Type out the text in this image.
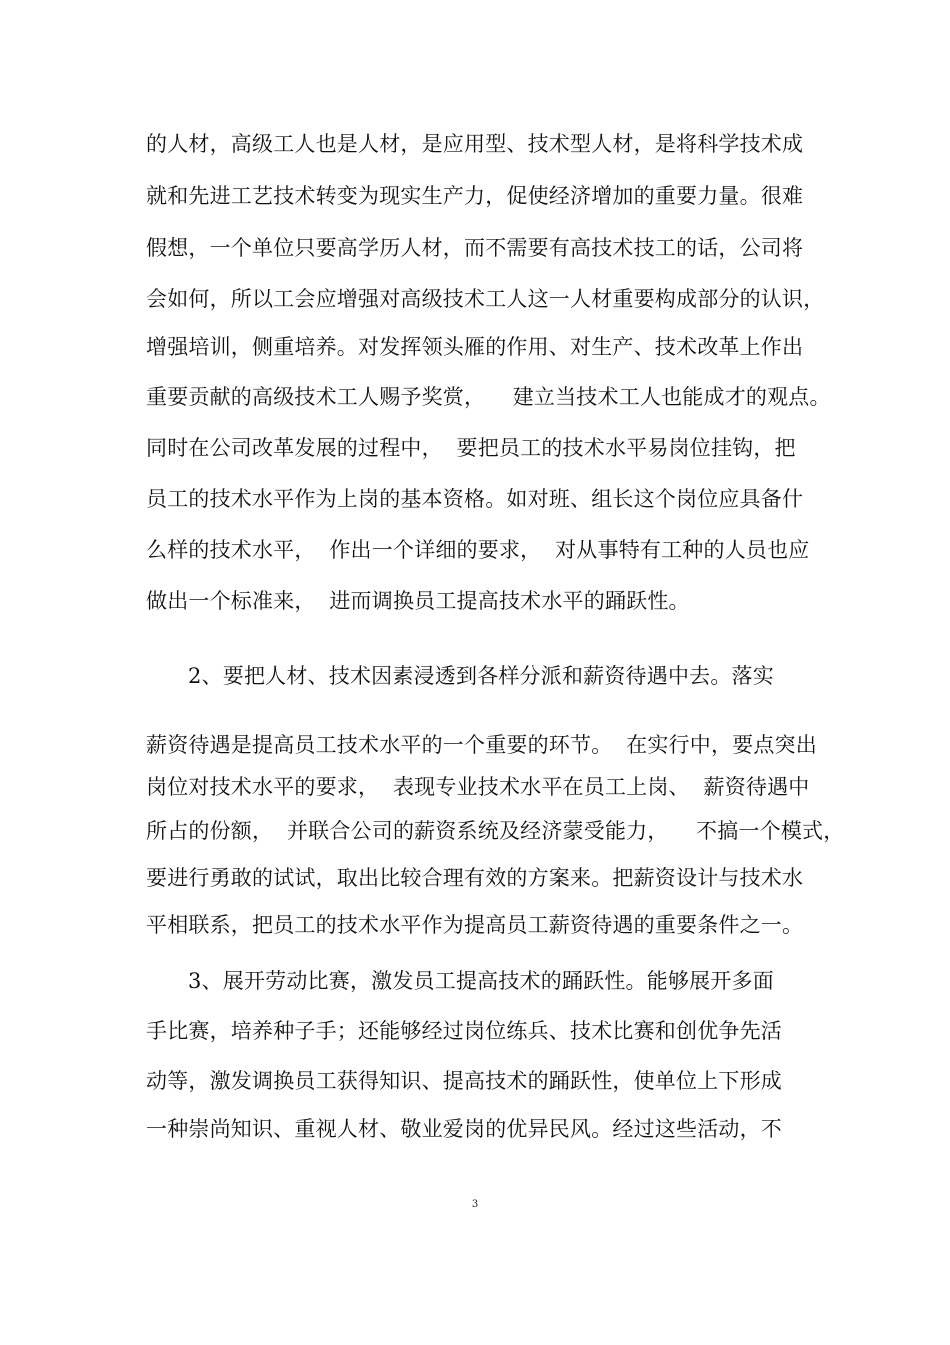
的人材，高级工人也是人材，是应用型、技术型人材，是将科学技术成
就和先进工艺技术转变为现实生产力，促使经济增加的重要力量。很难
假想，一个单位只要高学历人材，而不需要有高技术技工的话，公司将
会如何，所以工会应增强对高级技术工人这一人材重要构成部分的认识，
增强培训，侧重培养。对发挥领头雁的作用、对生产、技术改革上作出
重要贡献的高级技术工人赐予奖赏，    建立当技术工人也能成才的观点。
同时在公司改革发展的过程中，  要把员工的技术水平易岗位挂钩，把
员工的技术水平作为上岗的基本资格。如对班、组长这个岗位应具备什
么样的技术水平，  作出一个详细的要求，  对从事特有工种的人员也应
做出一个标准来，  进而调换员工提高技术水平的踊跃性。
2、要把人材、技术因素浸透到各样分派和薪资待遇中去。落实
薪资待遇是提高员工技术水平的一个重要的环节。  在实行中，要点突出
岗位对技术水平的要求，  表现专业技术水平在员工上岗、  薪资待遇中
所占的份额，  并联合公司的薪资系统及经济蒙受能力，    不搞一个模式，
要进行勇敢的试试，取出比较合理有效的方案来。把薪资设计与技术水
平相联系，把员工的技术水平作为提高员工薪资待遇的重要条件之一。
3、展开劳动比赛，激发员工提高技术的踊跃性。能够展开多面
手比赛，培养种子手；还能够经过岗位练兵、技术比赛和创优争先活
动等，激发调换员工获得知识、提高技术的踊跃性，使单位上下形成
一种崇尚知识、重视人材、敬业爱岗的优异民风。经过这些活动，不
3
